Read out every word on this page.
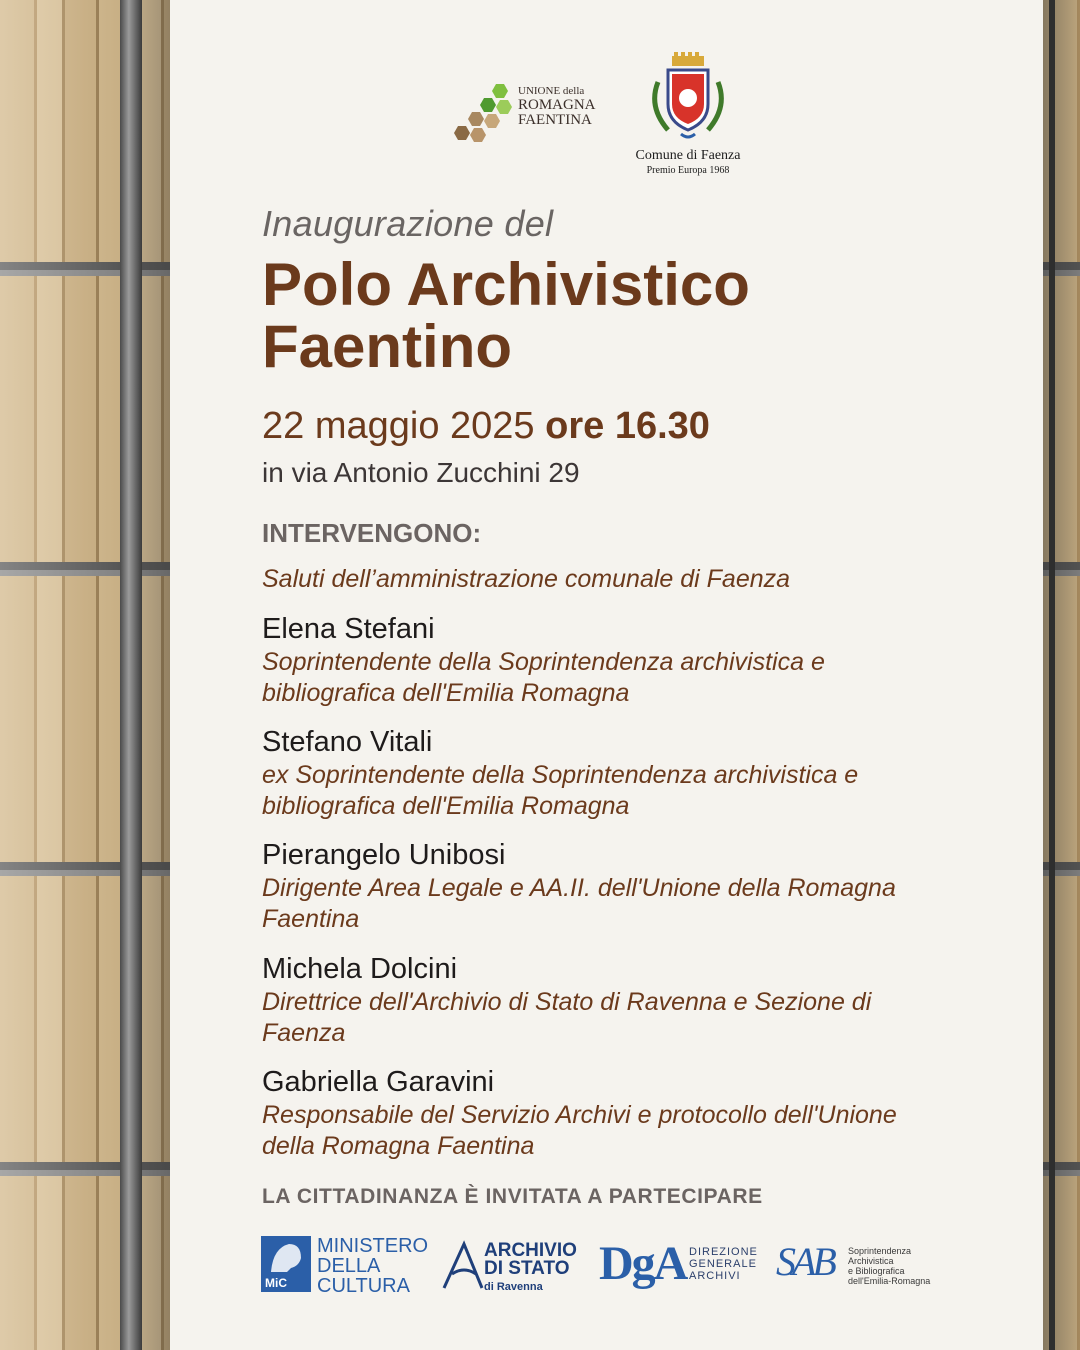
UNIONE della
ROMAGNA
FAENTINA
Comune di Faenza
Premio Europa 1968
Inaugurazione del
Polo Archivistico
Faentino
22 maggio 2025 ore 16.30
in via Antonio Zucchini 29
INTERVENGONO:
Saluti dell’amministrazione comunale di Faenza
Elena Stefani
Soprintendente della Soprintendenza archivistica e bibliografica dell'Emilia Romagna
Stefano Vitali
ex Soprintendente della Soprintendenza archivistica e bibliografica dell'Emilia Romagna
Pierangelo Unibosi
Dirigente Area Legale e AA.II. dell'Unione della Romagna Faentina
Michela Dolcini
Direttrice dell'Archivio di Stato di Ravenna e Sezione di Faenza
Gabriella Garavini
Responsabile del Servizio Archivi e protocollo dell'Unione della Romagna Faentina
LA CITTADINANZA È INVITATA A PARTECIPARE
MiC
MINISTERO
DELLA
CULTURA
ARCHIVIO
DI STATO
di Ravenna	DgA DIREZIONE
GENERALE
ARCHIVI SAB Soprintendenza
Archivistica
e Bibliografica
dell'Emilia-Romagna
